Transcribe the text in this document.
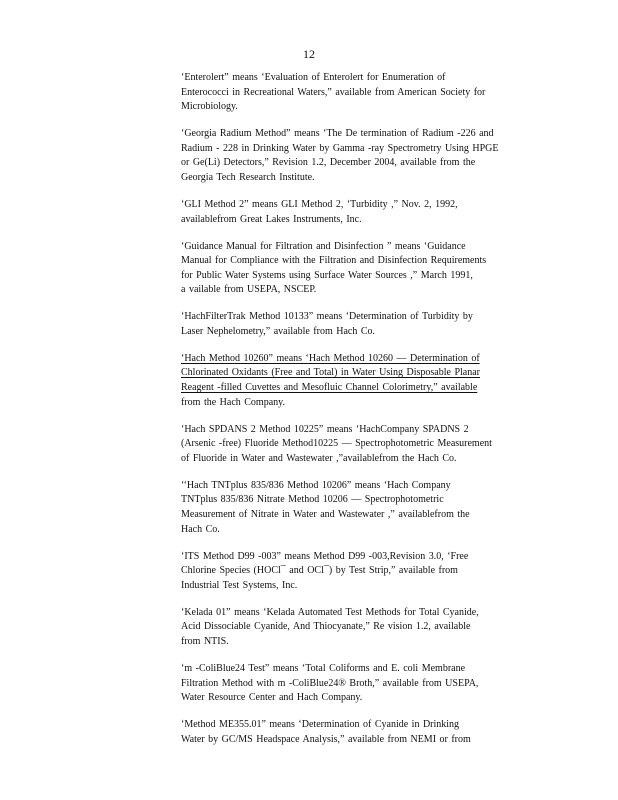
12

‘Enterolert” means ‘Evaluation of Enterolert for Enumeration of
Enterococci in Recreational Waters,” available from American Society for
Microbiology.

‘Georgia Radium Method” means ‘The De termination of Radium -226 and
Radium - 228 in Drinking Water by Gamma -ray Spectrometry Using HPGE
or Ge(Li) Detectors,” Revision 1.2, December 2004, available from the
Georgia Tech Research Institute.

‘GLI Method 2” means GLI Method 2, ‘Turbidity ,” Nov. 2, 1992,
availablefrom Great Lakes Instruments, Inc.

‘Guidance Manual for Filtration and Disinfection ” means ‘Guidance
Manual for Compliance with the Filtration and Disinfection Requirements
for Public Water Systems using Surface Water Sources ,” March 1991,
a vailable from USEPA, NSCEP.

‘HachFilterTrak Method 10133” means ‘Determination of Turbidity by
Laser Nephelometry,” available from Hach Co.

‘Hach Method 10260” means ‘Hach Method 10260 — Determination of
Chlorinated Oxidants (Free and Total) in Water Using Disposable Planar
Reagent -filled Cuvettes and Mesofluic Channel Colorimetry,” available
from the Hach Company.

‘Hach SPDANS 2 Method 10225” means ‘HachCompany SPADNS 2
(Arsenic -free) Fluoride Method10225 — Spectrophotometric Measurement
of Fluoride in Water and Wastewater ,”availablefrom the Hach Co.

‘‘Hach TNTplus 835/836 Method 10206” means ‘Hach Company
TNTplus 835/836 Nitrate Method 10206 — Spectrophotometric
Measurement of Nitrate in Water and Wastewater ,” availablefrom the
Hach Co.

‘ITS Method D99 -003” means Method D99 -003,Revision 3.0, ‘Free
Chlorine Species (HOCl¯ and OCl¯) by Test Strip,” available from
Industrial Test Systems, Inc.

‘Kelada 01” means ‘Kelada Automated Test Methods for Total Cyanide,
Acid Dissociable Cyanide, And Thiocyanate,” Re vision 1.2, available
from NTIS.

‘m -ColiBlue24 Test” means ‘Total Coliforms and E. coli Membrane
Filtration Method with m -ColiBlue24® Broth,” available from USEPA,
Water Resource Center and Hach Company.

‘Method ME355.01” means ‘Determination of Cyanide in Drinking
Water by GC/MS Headspace Analysis,” available from NEMI or from
